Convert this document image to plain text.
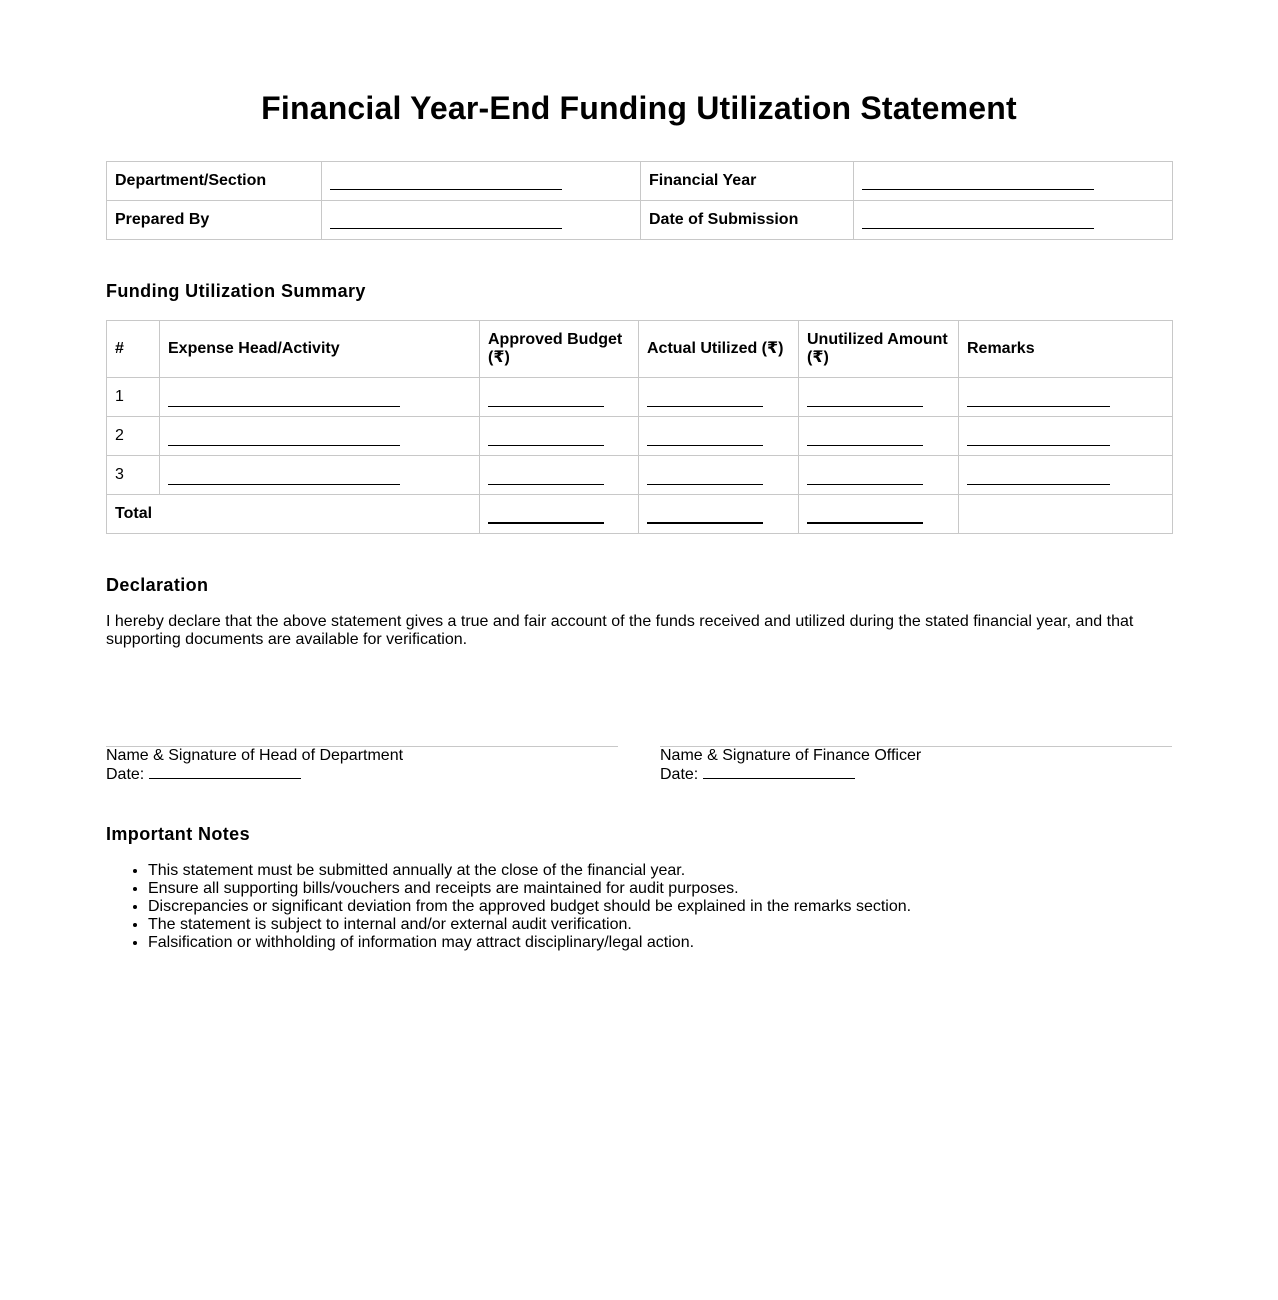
Financial Year-End Funding Utilization Statement
Department/Section		Financial Year	
Prepared By		Date of Submission	
Funding Utilization Summary
#	Expense Head/Activity	Approved Budget (₹)	Actual Utilized (₹)	Unutilized Amount (₹)	Remarks
1	

2	

3	

Total		

Declaration

I hereby declare that the above statement gives a true and fair account of the funds received and utilized during the stated financial year, and that supporting documents are available for verification.

Name & Signature of Head of Department
Date:
Name & Signature of Finance Officer
Date:
Important Notes
• This statement must be submitted annually at the close of the financial year.
• Ensure all supporting bills/vouchers and receipts are maintained for audit purposes.
• Discrepancies or significant deviation from the approved budget should be explained in the remarks section.
• The statement is subject to internal and/or external audit verification.
• Falsification or withholding of information may attract disciplinary/legal action.
